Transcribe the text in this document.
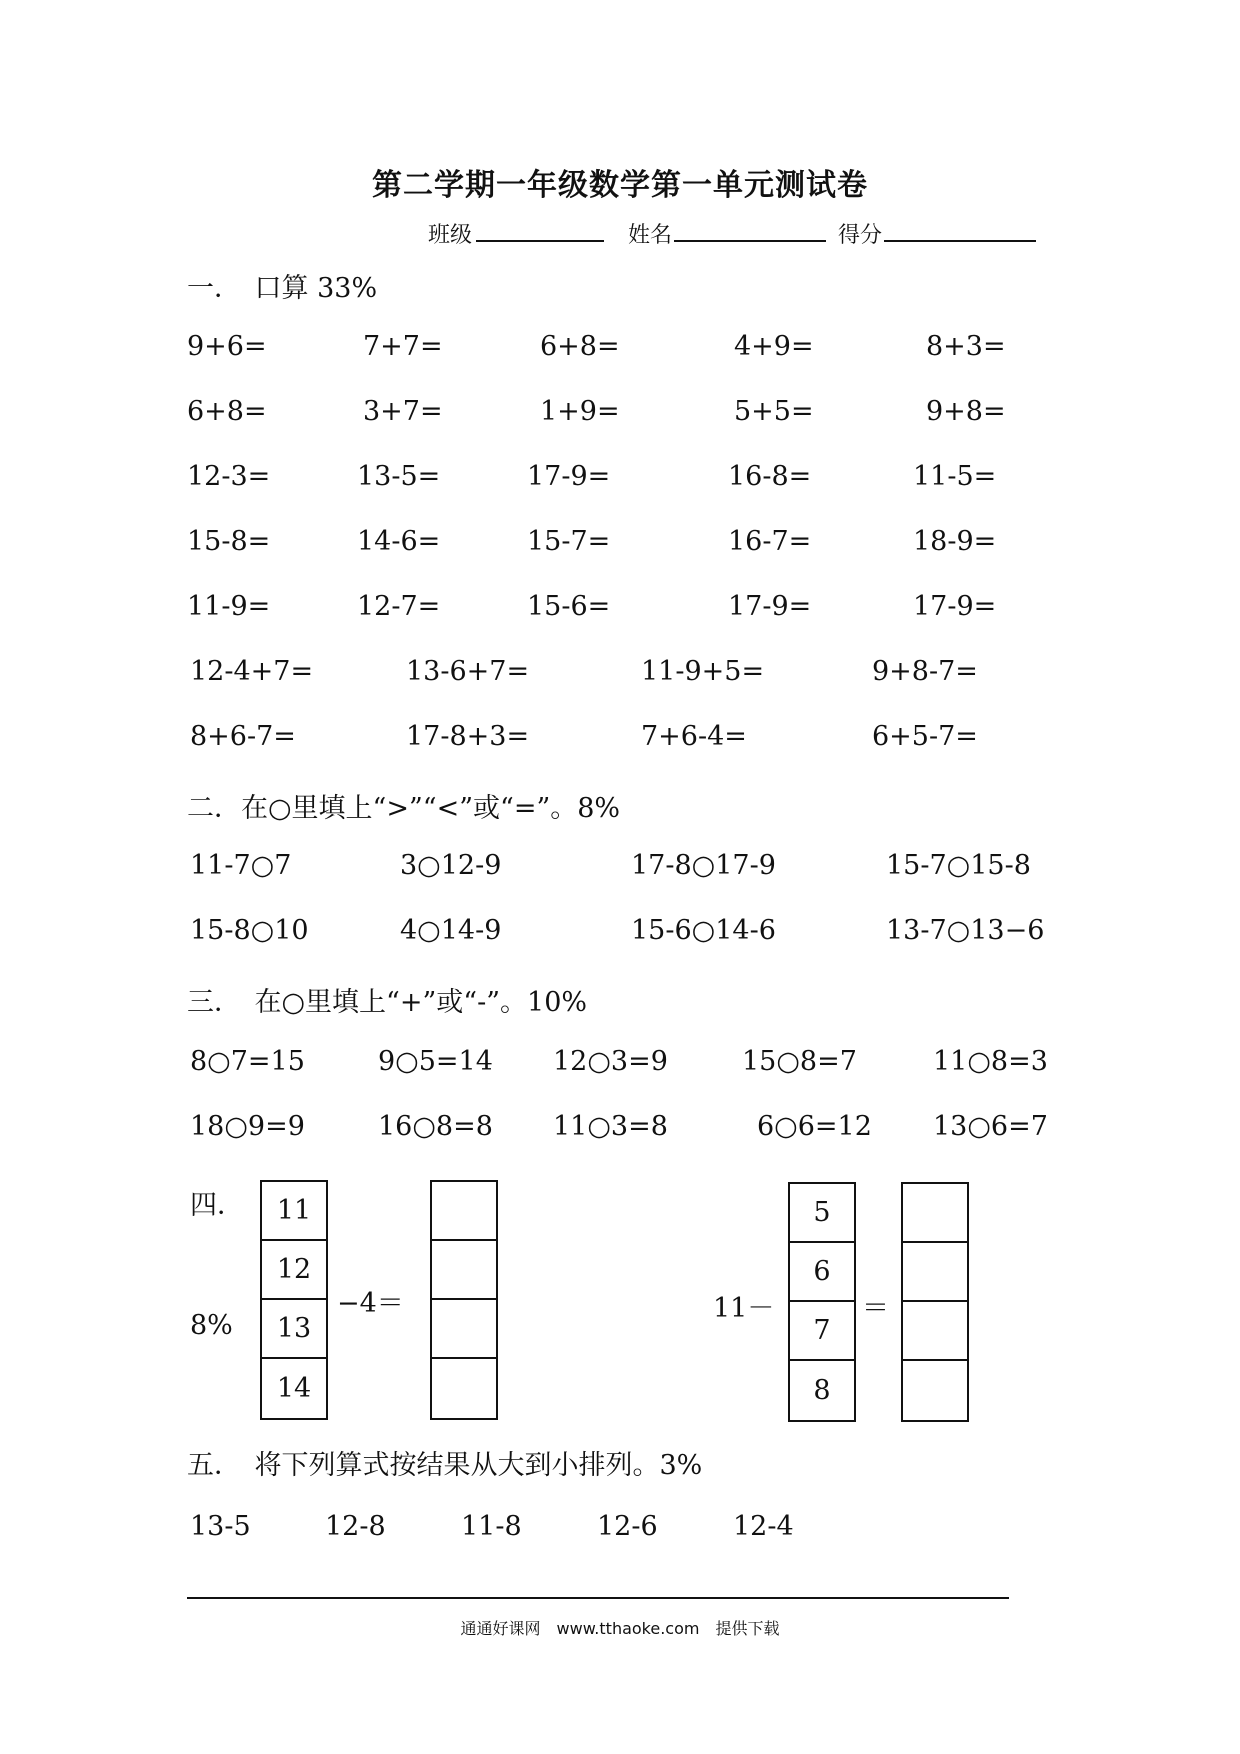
第二学期一年级数学第一单元测试卷
班级	姓名	得分
一．　口算 33%
9+6=	7+7=	6+8=	4+9=	8+3=
6+8=	3+7=	1+9=	5+5=	9+8=
12-3=	13-5=	17-9=	16-8=	11-5=
15-8=	14-6=	15-7=	16-7=	18-9=
11-9=	12-7=	15-6=	17-9=	17-9=
12-4+7=	13-6+7=	11-9+5=	9+8-7=
8+6-7=	17-8+3=	7+6-4=	6+5-7=
二．在○里填上“>”“<”或“=”。8%
11-7○7	3○12-9	17-8○17-9	15-7○15-8
15-8○10	4○14-9	15-6○14-6	13-7○13−6
三．　在○里填上“+”或“-”。10%
8○7=15	9○5=14 12○3=9	15○8=7	11○8=3
18○9=9	16○8=8 11○3=8	6○6=12 13○6=7
四．
8%
11
12
13
14
−4＝	11－
5
6
7
8
＝
五．　将下列算式按结果从大到小排列。3%
13-5	12-8	11-8	12-6	12-4
通通好课网　www.tthaoke.com　提供下载
